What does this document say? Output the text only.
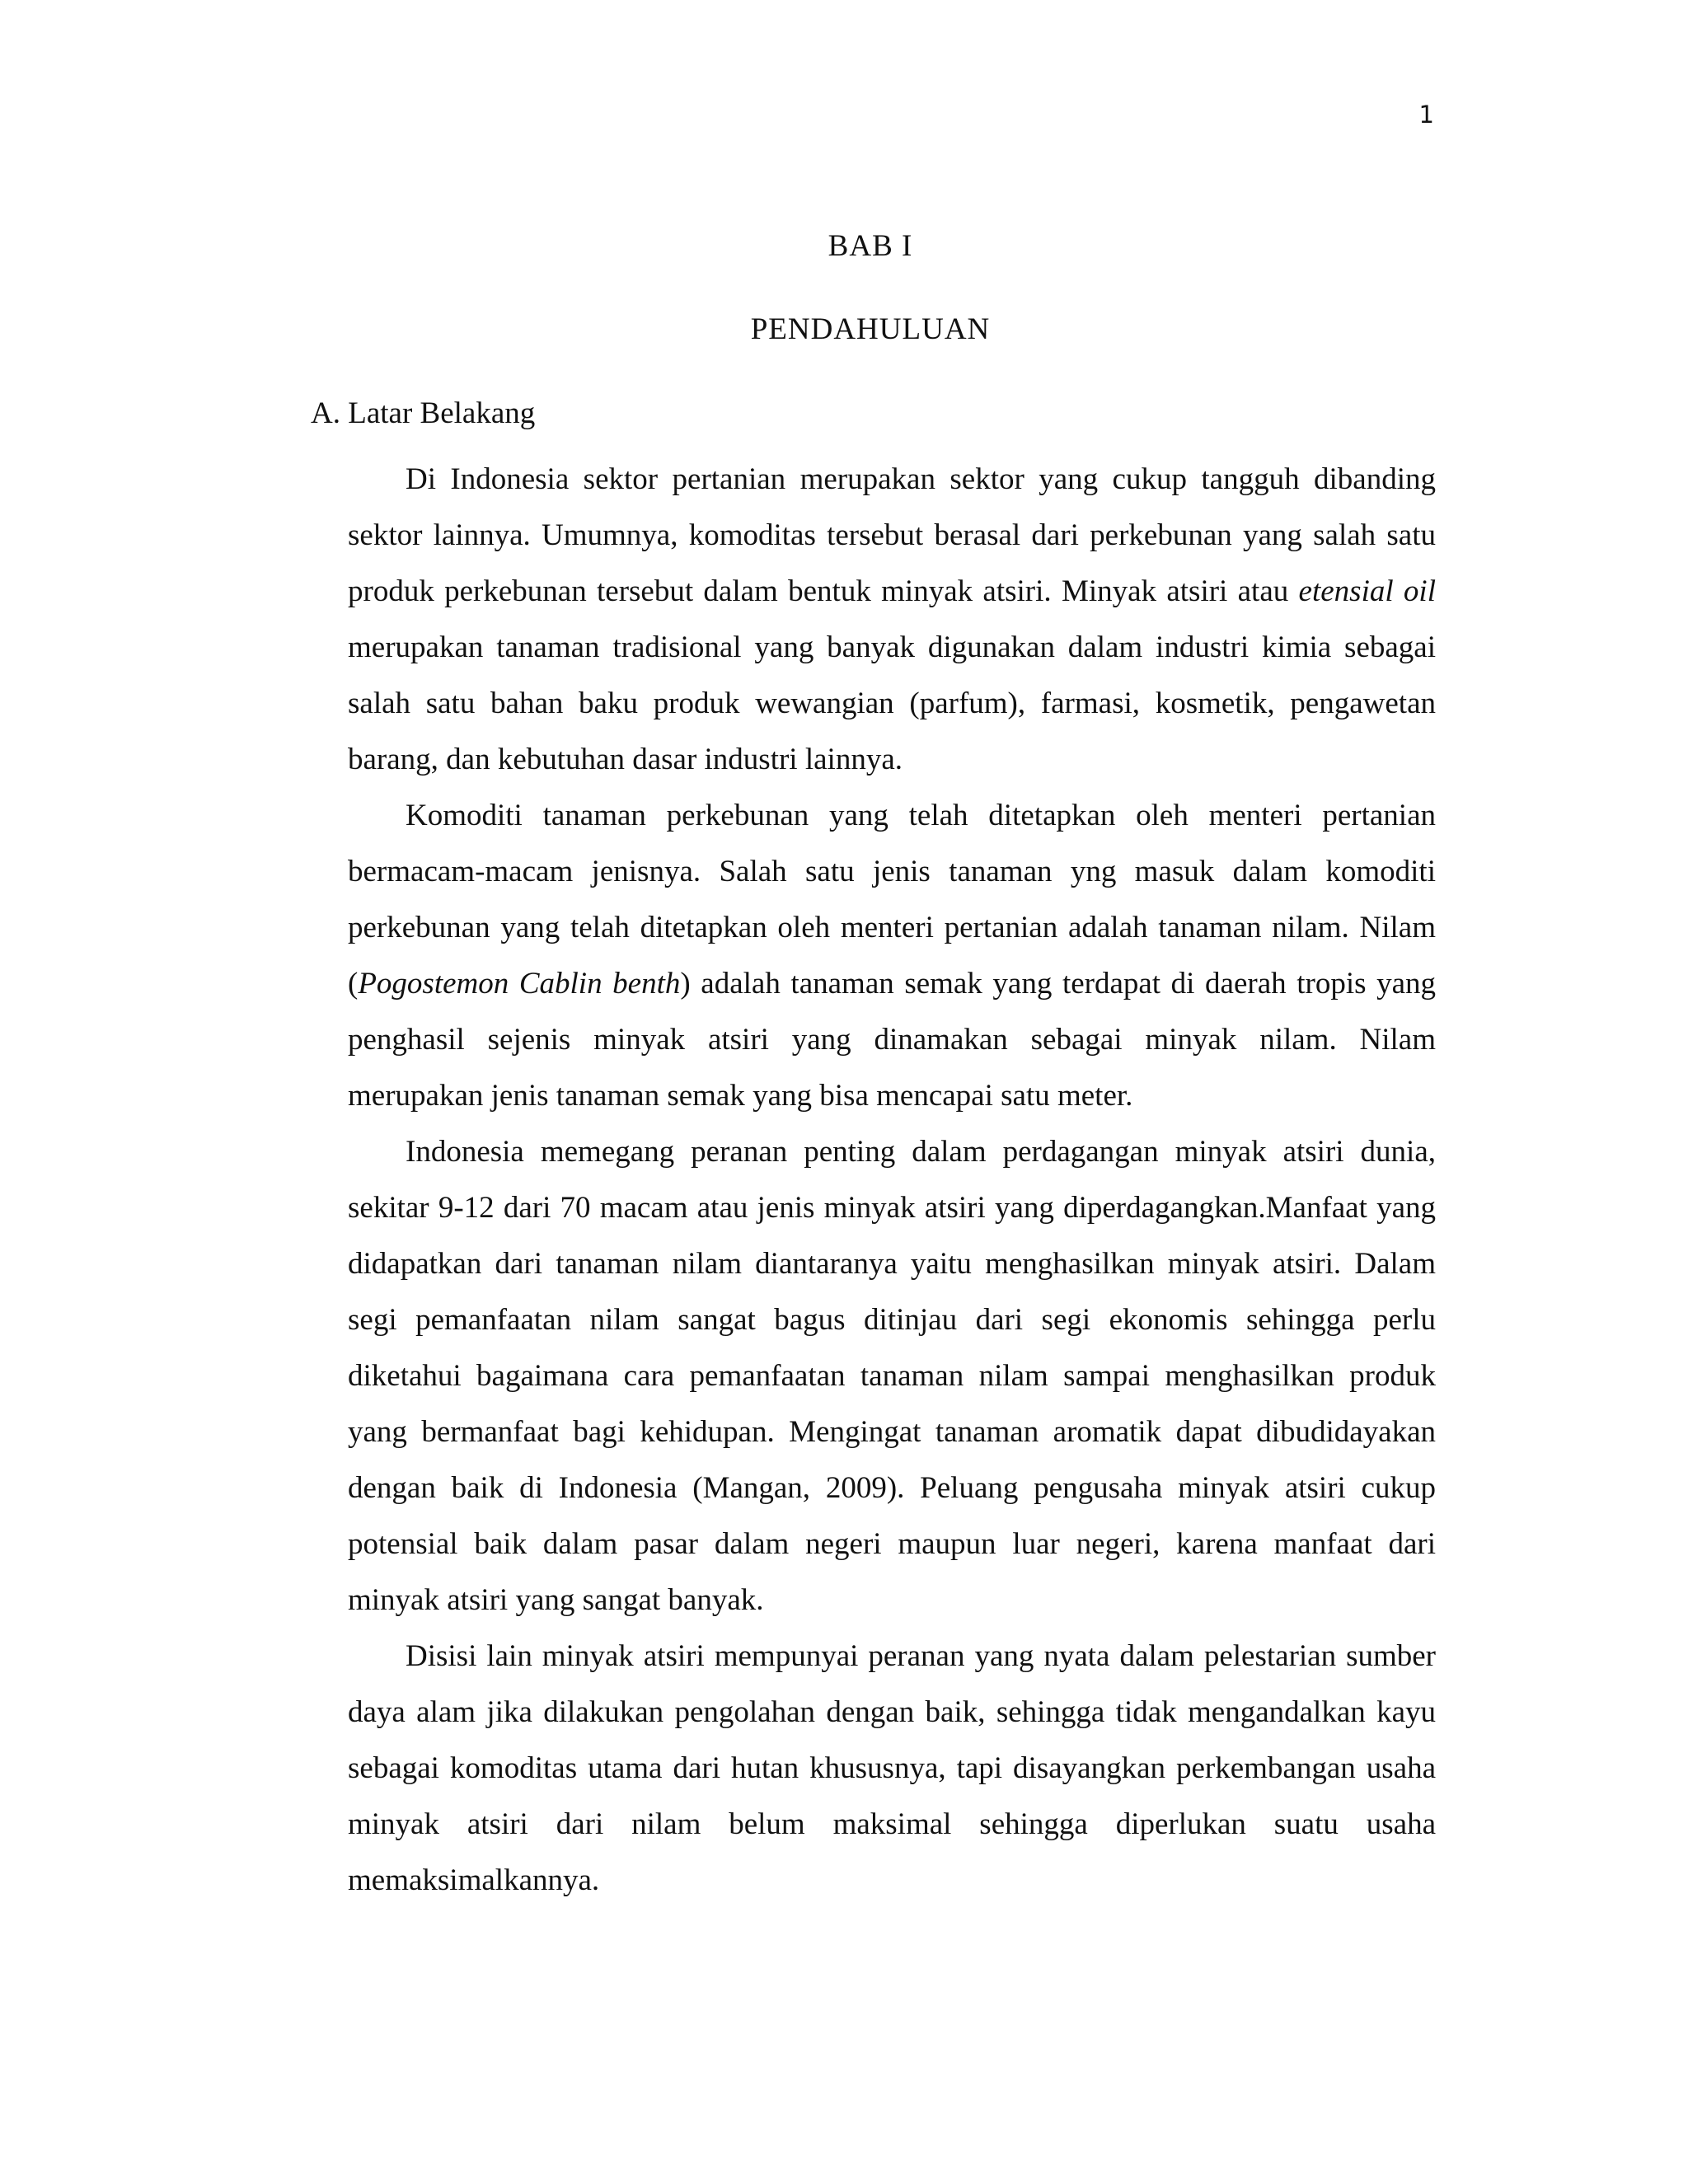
1
BAB I
PENDAHULUAN
A. Latar Belakang

Di Indonesia sektor pertanian merupakan sektor yang cukup tangguh dibanding sektor lainnya. Umumnya, komoditas tersebut berasal dari perkebunan yang salah satu produk perkebunan tersebut dalam bentuk minyak atsiri. Minyak atsiri atau etensial oil merupakan tanaman tradisional yang banyak digunakan dalam industri kimia sebagai salah satu bahan baku produk wewangian (parfum), farmasi, kosmetik, pengawetan barang, dan kebutuhan dasar industri lainnya.

Komoditi tanaman perkebunan yang telah ditetapkan oleh menteri pertanian bermacam-macam jenisnya. Salah satu jenis tanaman yng masuk dalam komoditi perkebunan yang telah ditetapkan oleh menteri pertanian adalah tanaman nilam. Nilam (Pogostemon Cablin benth) adalah tanaman semak yang terdapat di daerah tropis yang penghasil sejenis minyak atsiri yang dinamakan sebagai minyak nilam. Nilam merupakan jenis tanaman semak yang bisa mencapai satu meter.

Indonesia memegang peranan penting dalam perdagangan minyak atsiri dunia, sekitar 9-12 dari 70 macam atau jenis minyak atsiri yang diperdagangkan.Manfaat yang didapatkan dari tanaman nilam diantaranya yaitu menghasilkan minyak atsiri. Dalam segi pemanfaatan nilam sangat bagus ditinjau dari segi ekonomis sehingga perlu diketahui bagaimana cara pemanfaatan tanaman nilam sampai menghasilkan produk yang bermanfaat bagi kehidupan. Mengingat tanaman aromatik dapat dibudidayakan dengan baik di Indonesia (Mangan, 2009). Peluang pengusaha minyak atsiri cukup potensial baik dalam pasar dalam negeri maupun luar negeri, karena manfaat dari minyak atsiri yang sangat banyak.

Disisi lain minyak atsiri mempunyai peranan yang nyata dalam pelestarian sumber daya alam jika dilakukan pengolahan dengan baik, sehingga tidak mengandalkan kayu sebagai komoditas utama dari hutan khususnya, tapi disayangkan perkembangan usaha minyak atsiri dari nilam belum maksimal sehingga diperlukan suatu usaha memaksimalkannya.
